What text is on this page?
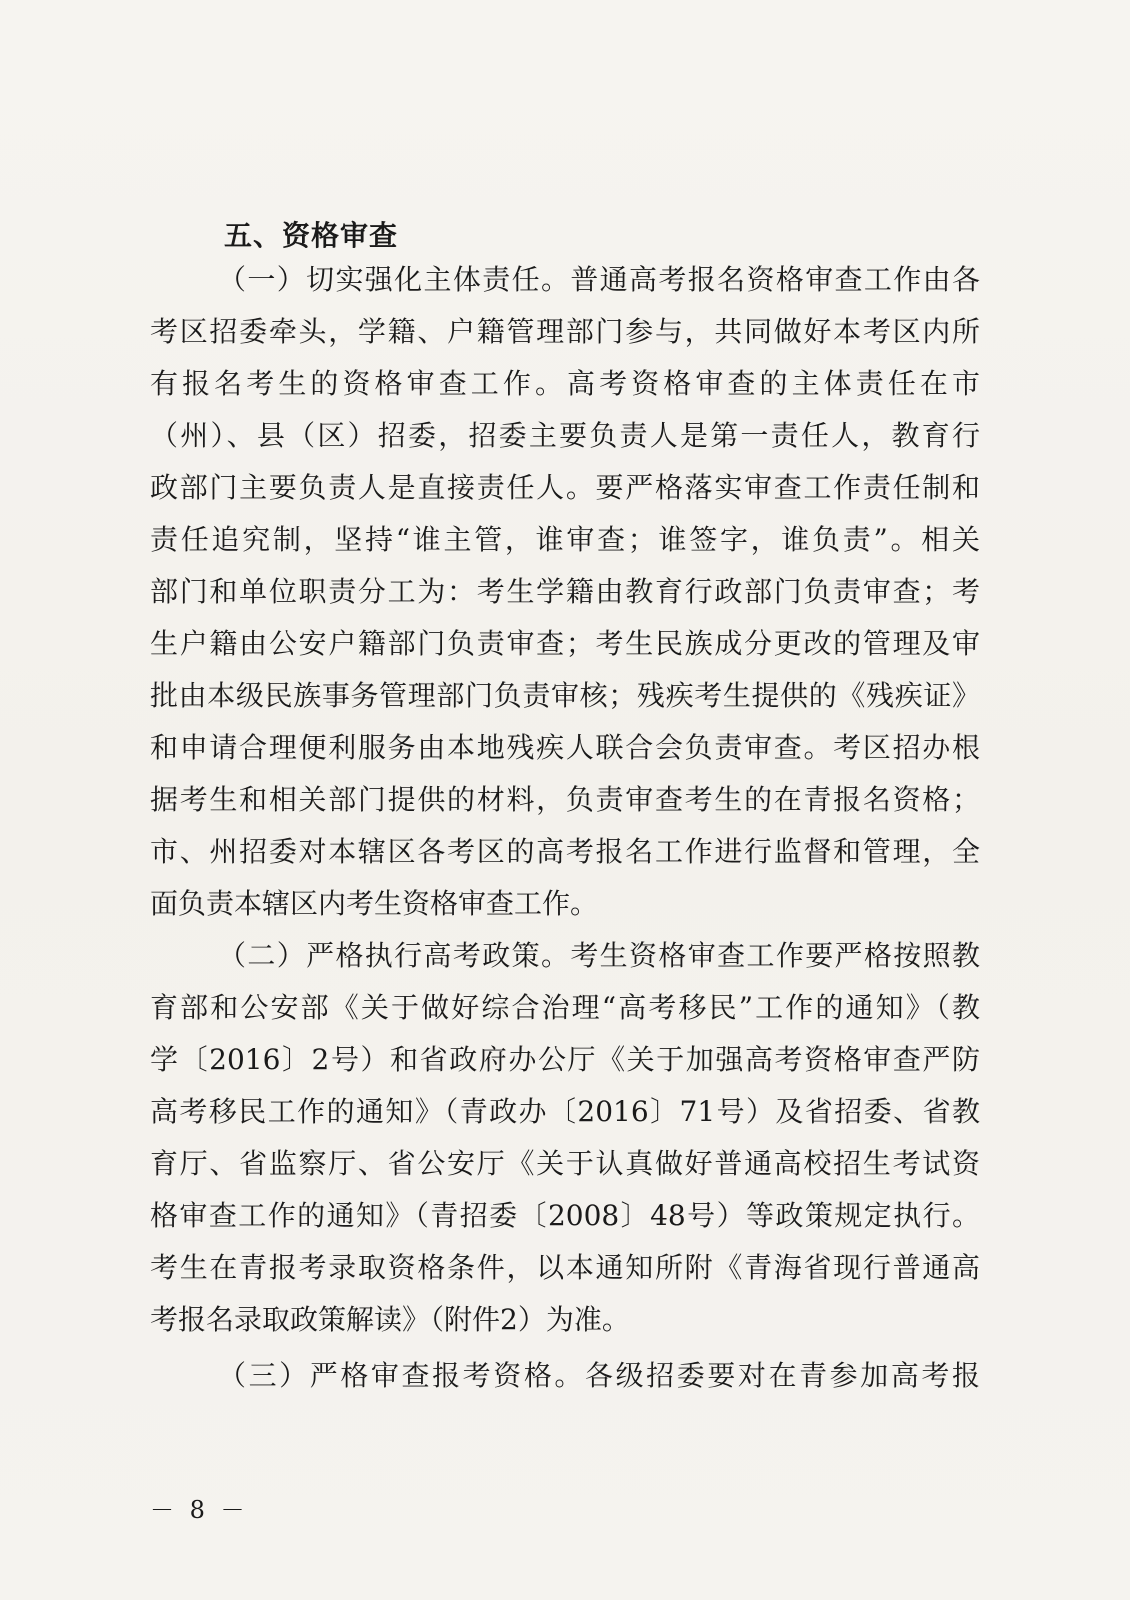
五、资格审查
（一）切实强化主体责任。普通高考报名资格审查工作由各
考区招委牵头，学籍、户籍管理部门参与，共同做好本考区内所
有报名考生的资格审查工作。高考资格审查的主体责任在市
（州）、县（区）招委，招委主要负责人是第一责任人，教育行
政部门主要负责人是直接责任人。要严格落实审查工作责任制和
责任追究制，坚持“谁主管，谁审查；谁签字，谁负责”。相关
部门和单位职责分工为：考生学籍由教育行政部门负责审查；考
生户籍由公安户籍部门负责审查；考生民族成分更改的管理及审
批由本级民族事务管理部门负责审核；残疾考生提供的《残疾证》
和申请合理便利服务由本地残疾人联合会负责审查。考区招办根
据考生和相关部门提供的材料，负责审查考生的在青报名资格；
市、州招委对本辖区各考区的高考报名工作进行监督和管理，全
面负责本辖区内考生资格审查工作。
（二）严格执行高考政策。考生资格审查工作要严格按照教
育部和公安部《关于做好综合治理“高考移民”工作的通知》（教
学〔2016〕2号）和省政府办公厅《关于加强高考资格审查严防
高考移民工作的通知》（青政办〔2016〕71号）及省招委、省教
育厅、省监察厅、省公安厅《关于认真做好普通高校招生考试资
格审查工作的通知》（青招委〔2008〕48号）等政策规定执行。
考生在青报考录取资格条件，以本通知所附《青海省现行普通高
考报名录取政策解读》（附件2）为准。
（三）严格审查报考资格。各级招委要对在青参加高考报
－ 8 －
